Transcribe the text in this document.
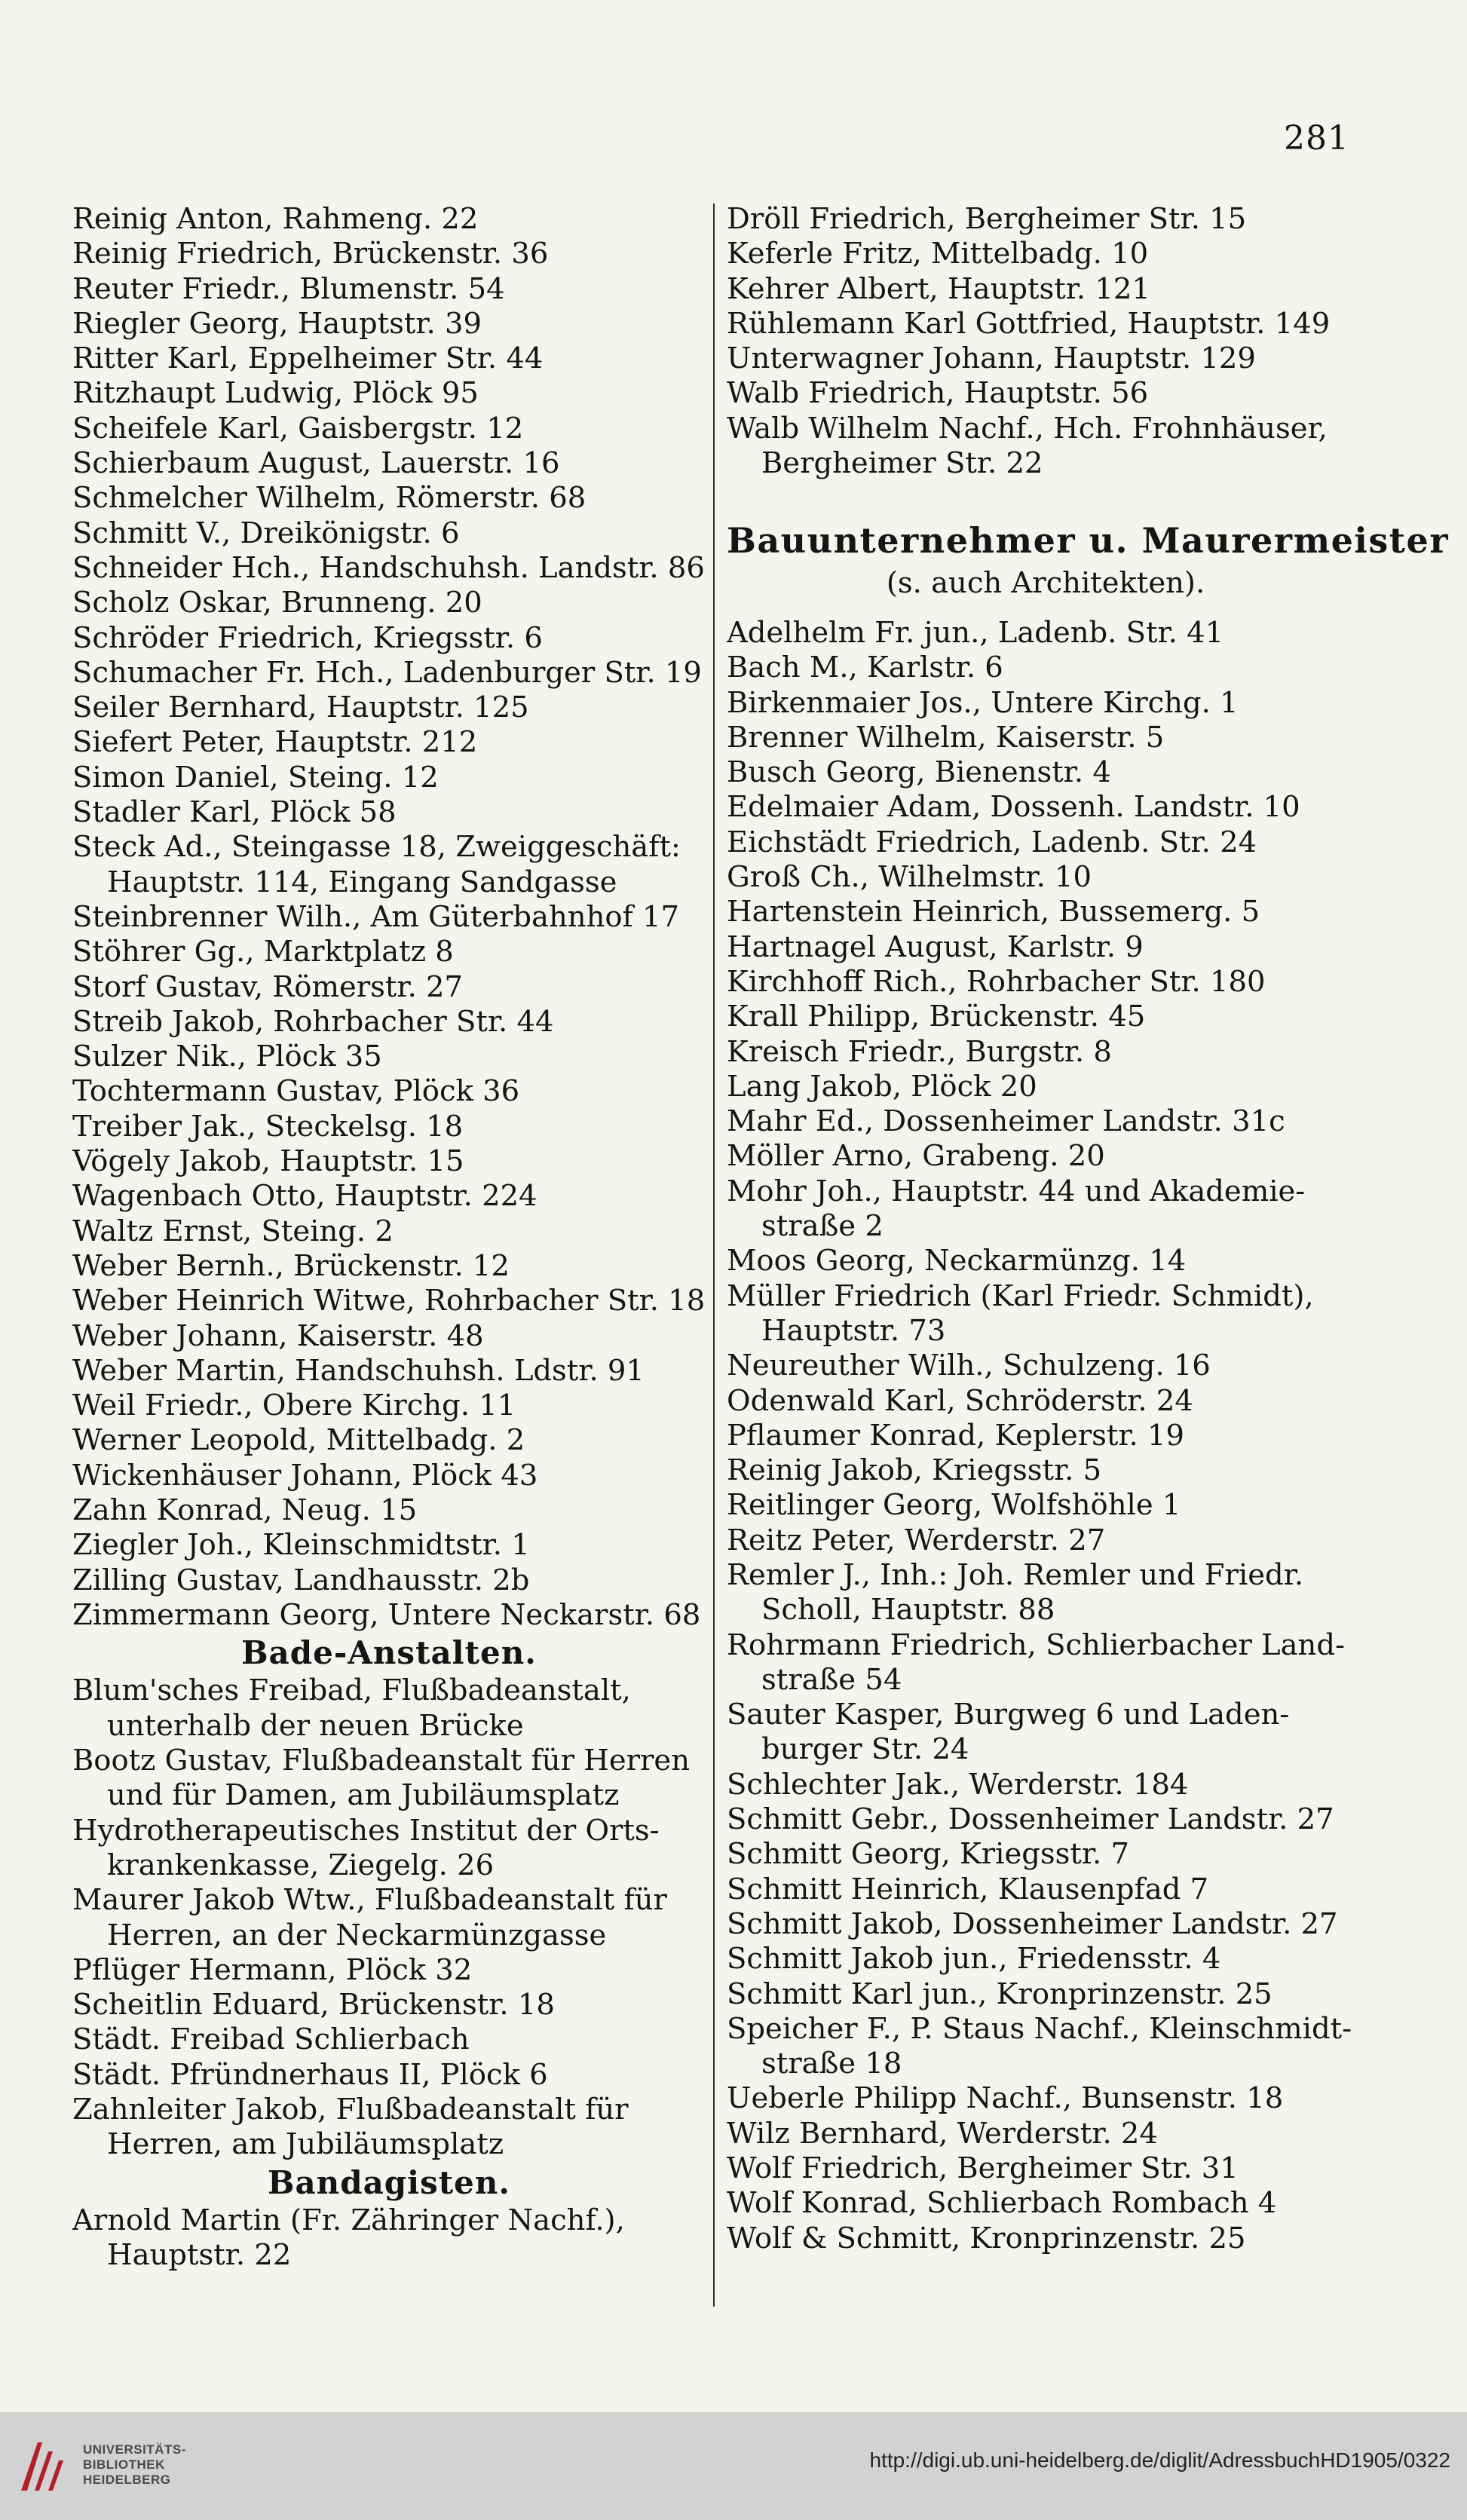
281
Reinig Anton, Rahmeng. 22
Reinig Friedrich, Brückenstr. 36
Reuter Friedr., Blumenstr. 54
Riegler Georg, Hauptstr. 39
Ritter Karl, Eppelheimer Str. 44
Ritzhaupt Ludwig, Plöck 95
Scheifele Karl, Gaisbergstr. 12
Schierbaum August, Lauerstr. 16
Schmelcher Wilhelm, Römerstr. 68
Schmitt V., Dreikönigstr. 6
Schneider Hch., Handschuhsh. Landstr. 86
Scholz Oskar, Brunneng. 20
Schröder Friedrich, Kriegsstr. 6
Schumacher Fr. Hch., Ladenburger Str. 19
Seiler Bernhard, Hauptstr. 125
Siefert Peter, Hauptstr. 212
Simon Daniel, Steing. 12
Stadler Karl, Plöck 58
Steck Ad., Steingasse 18, Zweiggeschäft:
Hauptstr. 114, Eingang Sandgasse
Steinbrenner Wilh., Am Güterbahnhof 17
Stöhrer Gg., Marktplatz 8
Storf Gustav, Römerstr. 27
Streib Jakob, Rohrbacher Str. 44
Sulzer Nik., Plöck 35
Tochtermann Gustav, Plöck 36
Treiber Jak., Steckelsg. 18
Vögely Jakob, Hauptstr. 15
Wagenbach Otto, Hauptstr. 224
Waltz Ernst, Steing. 2
Weber Bernh., Brückenstr. 12
Weber Heinrich Witwe, Rohrbacher Str. 18
Weber Johann, Kaiserstr. 48
Weber Martin, Handschuhsh. Ldstr. 91
Weil Friedr., Obere Kirchg. 11
Werner Leopold, Mittelbadg. 2
Wickenhäuser Johann, Plöck 43
Zahn Konrad, Neug. 15
Ziegler Joh., Kleinschmidtstr. 1
Zilling Gustav, Landhausstr. 2b
Zimmermann Georg, Untere Neckarstr. 68
Bade-Anstalten.
Blum'sches Freibad, Flußbadeanstalt,
unterhalb der neuen Brücke
Bootz Gustav, Flußbadeanstalt für Herren
und für Damen, am Jubiläumsplatz
Hydrotherapeutisches Institut der Orts-
krankenkasse, Ziegelg. 26
Maurer Jakob Wtw., Flußbadeanstalt für
Herren, an der Neckarmünzgasse
Pflüger Hermann, Plöck 32
Scheitlin Eduard, Brückenstr. 18
Städt. Freibad Schlierbach
Städt. Pfründnerhaus II, Plöck 6
Zahnleiter Jakob, Flußbadeanstalt für
Herren, am Jubiläumsplatz
Bandagisten.
Arnold Martin (Fr. Zähringer Nachf.),
Hauptstr. 22
Dröll Friedrich, Bergheimer Str. 15
Keferle Fritz, Mittelbadg. 10
Kehrer Albert, Hauptstr. 121
Rühlemann Karl Gottfried, Hauptstr. 149
Unterwagner Johann, Hauptstr. 129
Walb Friedrich, Hauptstr. 56
Walb Wilhelm Nachf., Hch. Frohnhäuser,
Bergheimer Str. 22
Bauunternehmer u. Maurermeister
(s. auch Architekten).
Adelhelm Fr. jun., Ladenb. Str. 41
Bach M., Karlstr. 6
Birkenmaier Jos., Untere Kirchg. 1
Brenner Wilhelm, Kaiserstr. 5
Busch Georg, Bienenstr. 4
Edelmaier Adam, Dossenh. Landstr. 10
Eichstädt Friedrich, Ladenb. Str. 24
Groß Ch., Wilhelmstr. 10
Hartenstein Heinrich, Bussemerg. 5
Hartnagel August, Karlstr. 9
Kirchhoff Rich., Rohrbacher Str. 180
Krall Philipp, Brückenstr. 45
Kreisch Friedr., Burgstr. 8
Lang Jakob, Plöck 20
Mahr Ed., Dossenheimer Landstr. 31c
Möller Arno, Grabeng. 20
Mohr Joh., Hauptstr. 44 und Akademie-
straße 2
Moos Georg, Neckarmünzg. 14
Müller Friedrich (Karl Friedr. Schmidt),
Hauptstr. 73
Neureuther Wilh., Schulzeng. 16
Odenwald Karl, Schröderstr. 24
Pflaumer Konrad, Keplerstr. 19
Reinig Jakob, Kriegsstr. 5
Reitlinger Georg, Wolfshöhle 1
Reitz Peter, Werderstr. 27
Remler J., Inh.: Joh. Remler und Friedr.
Scholl, Hauptstr. 88
Rohrmann Friedrich, Schlierbacher Land-
straße 54
Sauter Kasper, Burgweg 6 und Laden-
burger Str. 24
Schlechter Jak., Werderstr. 184
Schmitt Gebr., Dossenheimer Landstr. 27
Schmitt Georg, Kriegsstr. 7
Schmitt Heinrich, Klausenpfad 7
Schmitt Jakob, Dossenheimer Landstr. 27
Schmitt Jakob jun., Friedensstr. 4
Schmitt Karl jun., Kronprinzenstr. 25
Speicher F., P. Staus Nachf., Kleinschmidt-
straße 18
Ueberle Philipp Nachf., Bunsenstr. 18
Wilz Bernhard, Werderstr. 24
Wolf Friedrich, Bergheimer Str. 31
Wolf Konrad, Schlierbach Rombach 4
Wolf & Schmitt, Kronprinzenstr. 25
UNIVERSITÄTS-
BIBLIOTHEK
HEIDELBERG
http://digi.ub.uni-heidelberg.de/diglit/AdressbuchHD1905/0322
